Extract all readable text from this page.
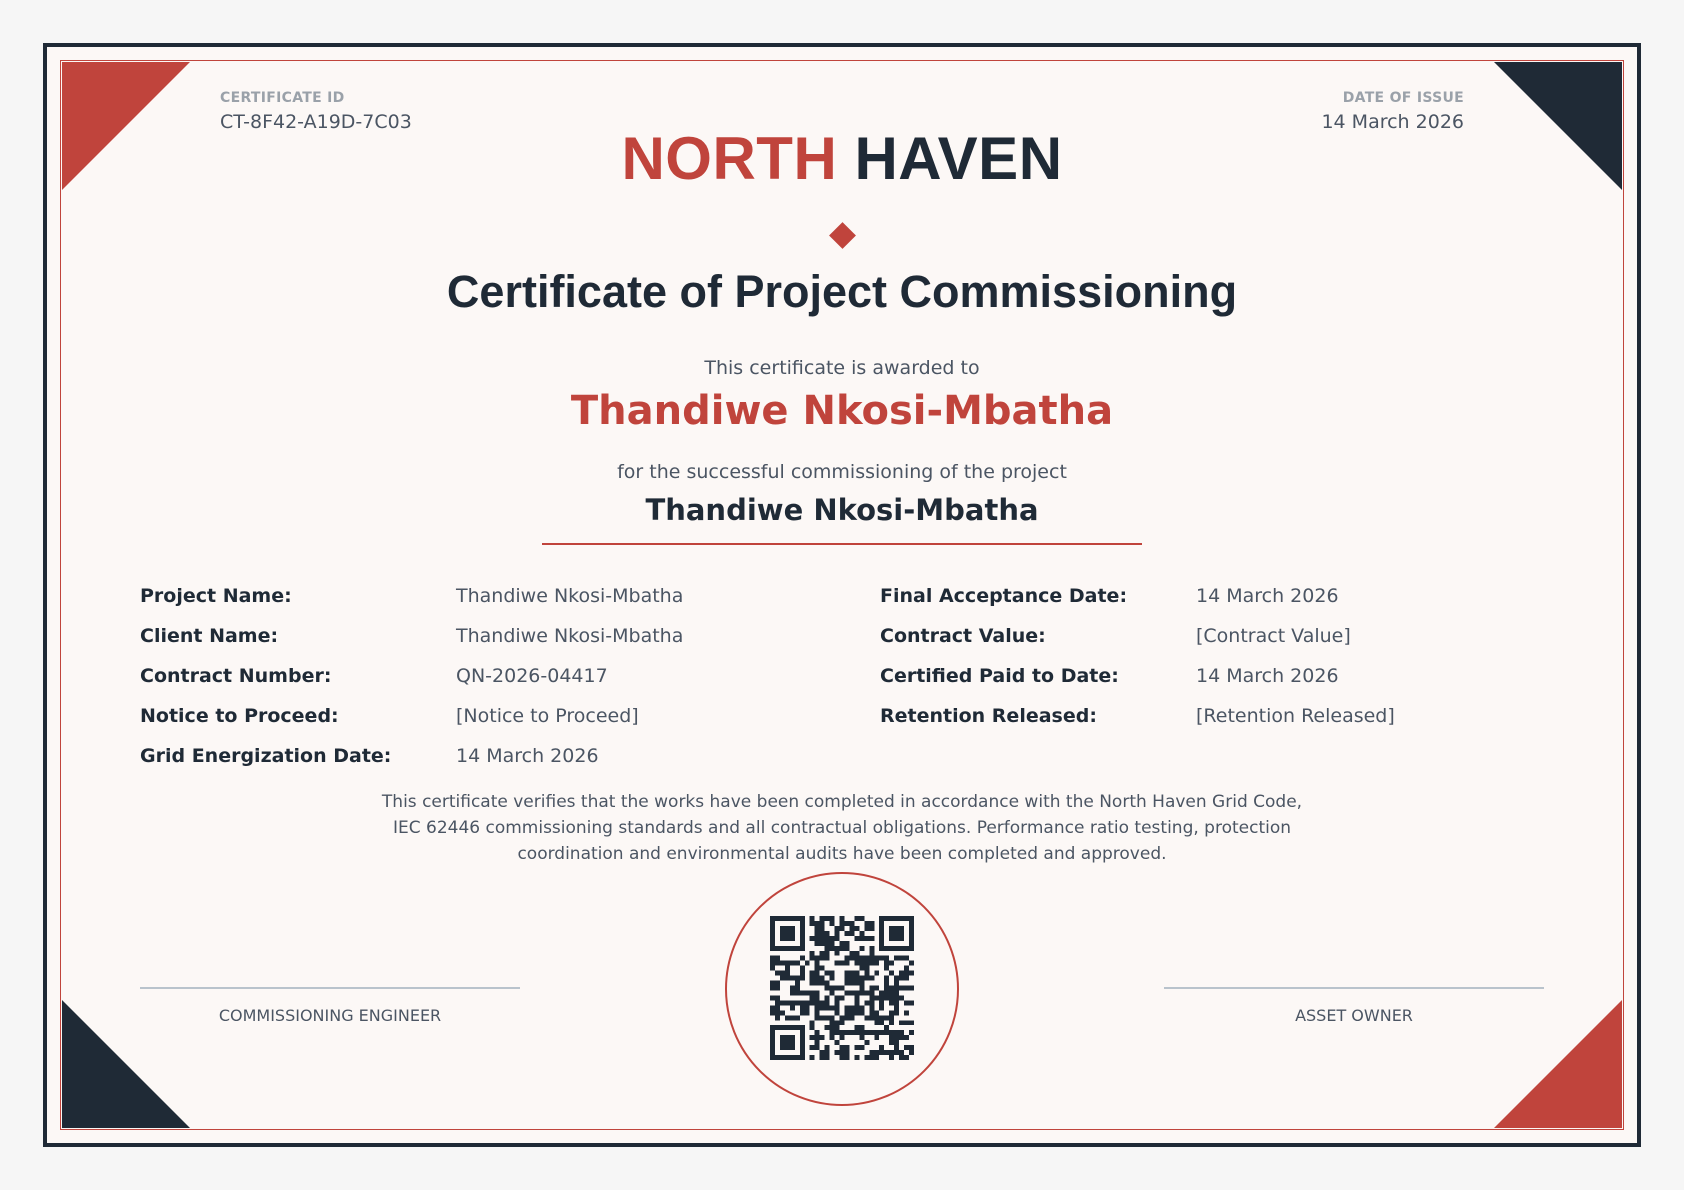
CERTIFICATE ID
CT-8F42-A19D-7C03
DATE OF ISSUE
14 March 2026
NORTH HAVEN
Certificate of Project Commissioning
This certificate is awarded to
Thandiwe Nkosi-Mbatha
for the successful commissioning of the project
Thandiwe Nkosi-Mbatha
Project Name:	Thandiwe Nkosi-Mbatha
Client Name:	Thandiwe Nkosi-Mbatha
Contract Number:	QN-2026-04417
Notice to Proceed:	[Notice to Proceed]
Grid Energization Date:	14 March 2026
Final Acceptance Date:	14 March 2026
Contract Value:	[Contract Value]
Certified Paid to Date:	14 March 2026
Retention Released:	[Retention Released]
This certificate verifies that the works have been completed in accordance with the North Haven Grid Code,
IEC 62446 commissioning standards and all contractual obligations. Performance ratio testing, protection
coordination and environmental audits have been completed and approved.
COMMISSIONING ENGINEER	ASSET OWNER
